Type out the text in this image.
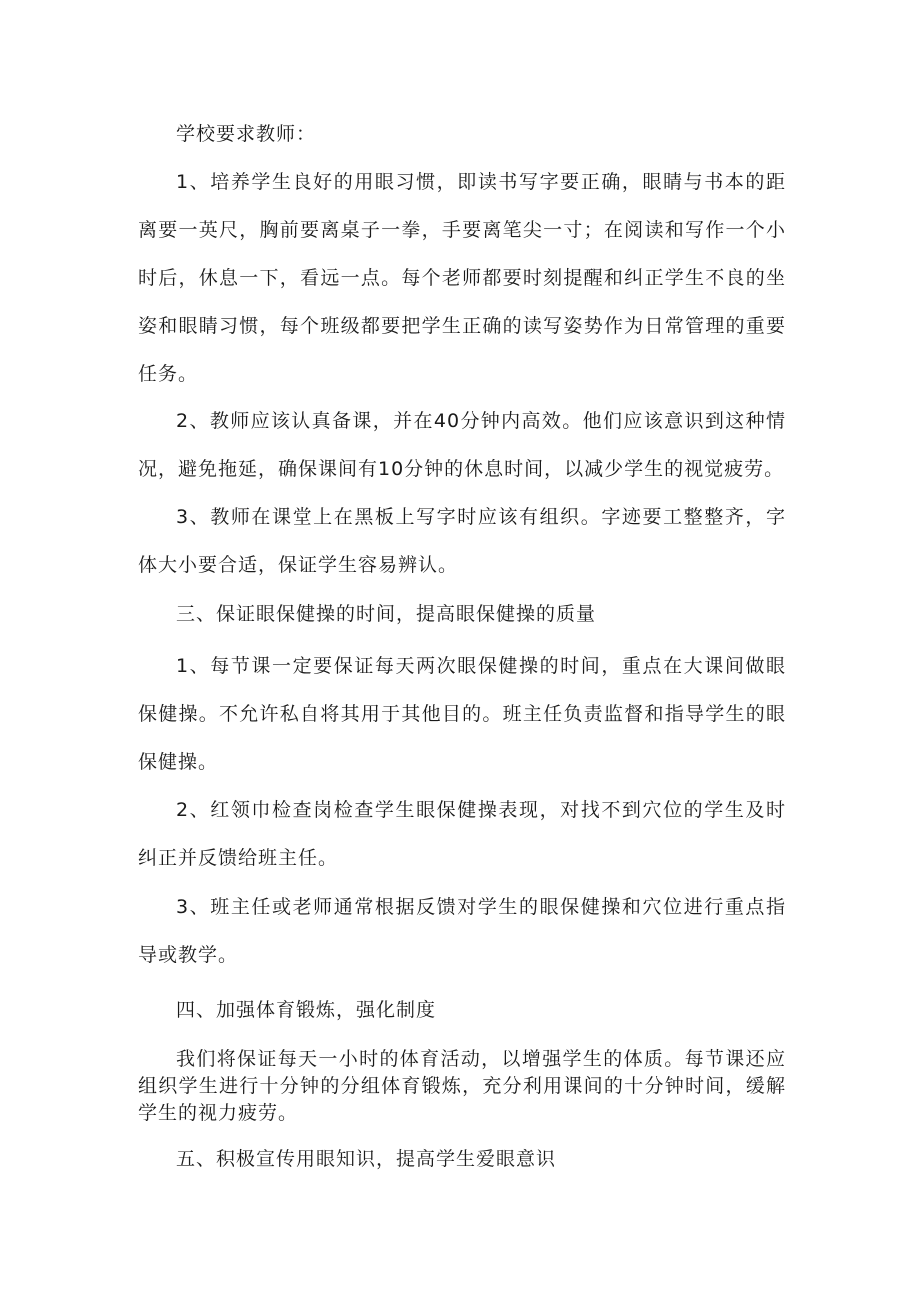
学校要求教师：

1、培养学生良好的用眼习惯，即读书写字要正确，眼睛与书本的距离要一英尺，胸前要离桌子一拳，手要离笔尖一寸；在阅读和写作一个小时后，休息一下，看远一点。每个老师都要时刻提醒和纠正学生不良的坐姿和眼睛习惯，每个班级都要把学生正确的读写姿势作为日常管理的重要任务。

2、教师应该认真备课，并在40分钟内高效。他们应该意识到这种情况，避免拖延，确保课间有10分钟的休息时间，以减少学生的视觉疲劳。

3、教师在课堂上在黑板上写字时应该有组织。字迹要工整整齐，字体大小要合适，保证学生容易辨认。

三、保证眼保健操的时间，提高眼保健操的质量

1、每节课一定要保证每天两次眼保健操的时间，重点在大课间做眼保健操。不允许私自将其用于其他目的。班主任负责监督和指导学生的眼保健操。

2、红领巾检查岗检查学生眼保健操表现，对找不到穴位的学生及时纠正并反馈给班主任。

3、班主任或老师通常根据反馈对学生的眼保健操和穴位进行重点指导或教学。

四、加强体育锻炼，强化制度

我们将保证每天一小时的体育活动，以增强学生的体质。每节课还应组织学生进行十分钟的分组体育锻炼，充分利用课间的十分钟时间，缓解学生的视力疲劳。

五、积极宣传用眼知识，提高学生爱眼意识
